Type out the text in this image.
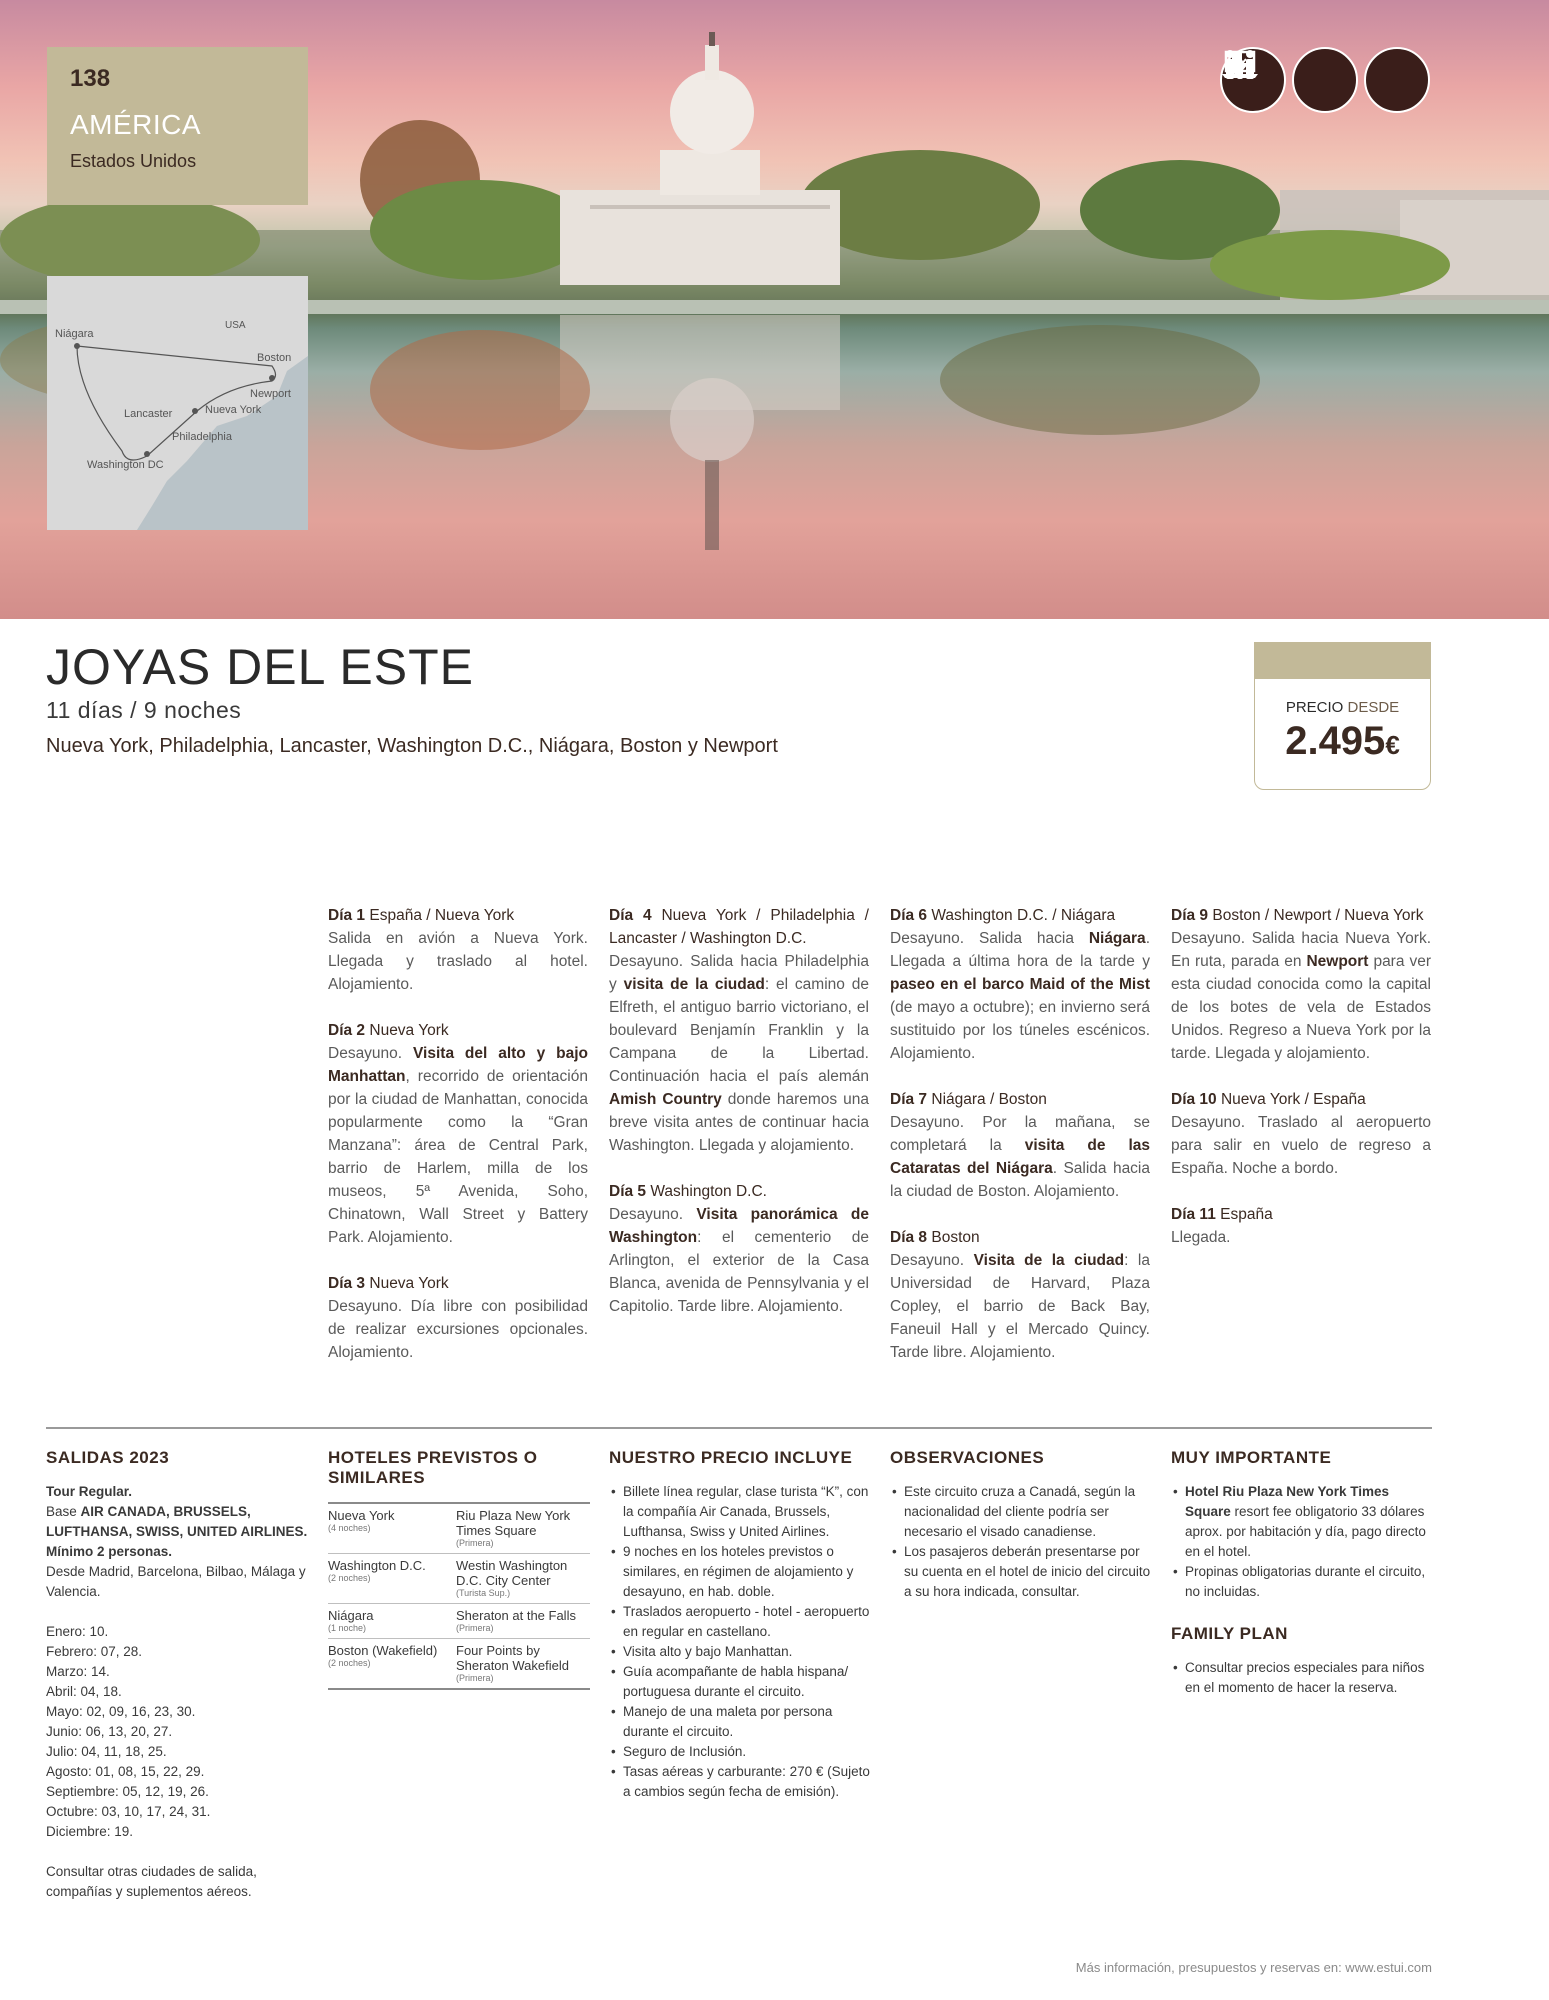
138
AMÉRICA
Estados Unidos
Niágara
USA
Boston
Newport
Nueva York
Lancaster
Philadelphia
Washington DC
JOYAS DEL ESTE
11 días / 9 noches
Nueva York, Philadelphia, Lancaster, Washington D.C., Niágara, Boston y Newport
PRECIO DESDE
2.495€
Día 1 España / Nueva York
Salida en avión a Nueva York. Llegada y traslado al hotel. Alojamiento.
Día 2 Nueva York
Desayuno. Visita del alto y bajo Manhattan, recorrido de orientación por la ciudad de Manhattan, conocida popularmente como la “Gran Manzana”: área de Central Park, barrio de Harlem, milla de los museos, 5ª Avenida, Soho, Chinatown, Wall Street y Battery Park. Alojamiento.
Día 3 Nueva York
Desayuno. Día libre con posibilidad de realizar excursiones opcionales. Alojamiento.
Día 4 Nueva York / Philadelphia / Lancaster / Washington D.C.
Desayuno. Salida hacia Philadelphia y visita de la ciudad: el camino de Elfreth, el antiguo barrio victoriano, el boulevard Benjamín Franklin y la Campana de la Libertad. Continuación hacia el país alemán Amish Country donde haremos una breve visita antes de continuar hacia Washington. Llegada y alojamiento.
Día 5 Washington D.C.
Desayuno. Visita panorámica de Washington: el cementerio de Arlington, el exterior de la Casa Blanca, avenida de Pennsylvania y el Capitolio. Tarde libre. Alojamiento.
Día 6 Washington D.C. / Niágara
Desayuno. Salida hacia Niágara. Llegada a última hora de la tarde y paseo en el barco Maid of the Mist (de mayo a octubre); en invierno será sustituido por los túneles escénicos. Alojamiento.
Día 7 Niágara / Boston
Desayuno. Por la mañana, se completará la visita de las Cataratas del Niágara. Salida hacia la ciudad de Boston. Alojamiento.
Día 8 Boston
Desayuno. Visita de la ciudad: la Universidad de Harvard, Plaza Copley, el barrio de Back Bay, Faneuil Hall y el Mercado Quincy. Tarde libre. Alojamiento.
Día 9 Boston / Newport / Nueva York
Desayuno. Salida hacia Nueva York. En ruta, parada en Newport para ver esta ciudad conocida como la capital de los botes de vela de Estados Unidos. Regreso a Nueva York por la tarde. Llegada y alojamiento.
Día 10 Nueva York / España
Desayuno. Traslado al aeropuerto para salir en vuelo de regreso a España. Noche a bordo.
Día 11 España
Llegada.
SALIDAS 2023
Tour Regular.
Base AIR CANADA, BRUSSELS, LUFTHANSA, SWISS, UNITED AIRLINES.
Mínimo 2 personas.
Desde Madrid, Barcelona, Bilbao, Málaga y Valencia.
Enero: 10.
Febrero: 07, 28.
Marzo: 14.
Abril: 04, 18.
Mayo: 02, 09, 16, 23, 30.
Junio: 06, 13, 20, 27.
Julio: 04, 11, 18, 25.
Agosto: 01, 08, 15, 22, 29.
Septiembre: 05, 12, 19, 26.
Octubre: 03, 10, 17, 24, 31.
Diciembre: 19.
Consultar otras ciudades de salida, compañías y suplementos aéreos.
HOTELES PREVISTOS O SIMILARES
Nueva York
(4 noches)	Riu Plaza New York Times Square
(Primera)

Washington D.C.
(2 noches)	Westin Washington D.C. City Center
(Turista Sup.)

Niágara
(1 noche)	Sheraton at the Falls
(Primera)

Boston (Wakefield)
(2 noches)	Four Points by Sheraton Wakefield
(Primera)
NUESTRO PRECIO INCLUYE
• Billete línea regular, clase turista “K”, con la compañía Air Canada, Brussels, Lufthansa, Swiss y United Airlines.
• 9 noches en los hoteles previstos o similares, en régimen de alojamiento y desayuno, en hab. doble.
• Traslados aeropuerto - hotel - aeropuerto en regular en castellano.
• Visita alto y bajo Manhattan.
• Guía acompañante de habla hispana/ portuguesa durante el circuito.
• Manejo de una maleta por persona durante el circuito.
• Seguro de Inclusión.
• Tasas aéreas y carburante: 270 € (Sujeto a cambios según fecha de emisión).
OBSERVACIONES
• Este circuito cruza a Canadá, según la nacionalidad del cliente podría ser necesario el visado canadiense.
• Los pasajeros deberán presentarse por su cuenta en el hotel de inicio del circuito a su hora indicada, consultar.
MUY IMPORTANTE
• Hotel Riu Plaza New York Times Square resort fee obligatorio 33 dólares aprox. por habitación y día, pago directo en el hotel.
• Propinas obligatorias durante el circuito, no incluidas.
FAMILY PLAN
• Consultar precios especiales para niños en el momento de hacer la reserva.
Más información, presupuestos y reservas en: www.estui.com
